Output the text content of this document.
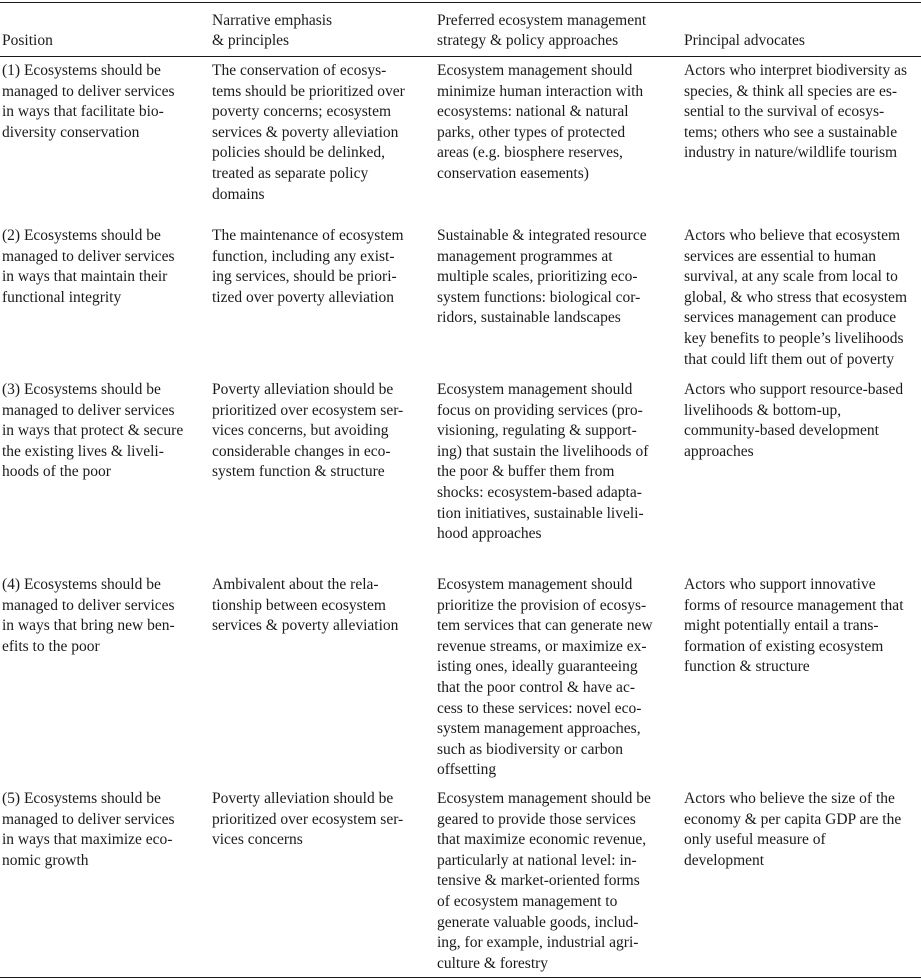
Position
Narrative emphasis
& principles
Preferred ecosystem management
strategy & policy approaches	Principal advocates
(1) Ecosystems should be
managed to deliver services
in ways that facilitate bio-
diversity conservation
The conservation of ecosys-
tems should be prioritized over
poverty concerns; ecosystem
services & poverty alleviation
policies should be delinked,
treated as separate policy
domains
Ecosystem management should
minimize human interaction with
ecosystems: national & natural
parks, other types of protected
areas (e.g. biosphere reserves,
conservation easements)
Actors who interpret biodiversity as
species, & think all species are es-
sential to the survival of ecosys-
tems; others who see a sustainable
industry in nature/wildlife tourism
(2) Ecosystems should be
managed to deliver services
in ways that maintain their
functional integrity
The maintenance of ecosystem
function, including any exist-
ing services, should be priori-
tized over poverty alleviation
Sustainable & integrated resource
management programmes at
multiple scales, prioritizing eco-
system functions: biological cor-
ridors, sustainable landscapes
Actors who believe that ecosystem
services are essential to human
survival, at any scale from local to
global, & who stress that ecosystem
services management can produce
key benefits to people’s livelihoods
that could lift them out of poverty
(3) Ecosystems should be
managed to deliver services
in ways that protect & secure
the existing lives & liveli-
hoods of the poor
Poverty alleviation should be
prioritized over ecosystem ser-
vices concerns, but avoiding
considerable changes in eco-
system function & structure
Ecosystem management should
focus on providing services (pro-
visioning, regulating & support-
ing) that sustain the livelihoods of
the poor & buffer them from
shocks: ecosystem-based adapta-
tion initiatives, sustainable liveli-
hood approaches
Actors who support resource-based
livelihoods & bottom-up,
community-based development
approaches
(4) Ecosystems should be
managed to deliver services
in ways that bring new ben-
efits to the poor
Ambivalent about the rela-
tionship between ecosystem
services & poverty alleviation
Ecosystem management should
prioritize the provision of ecosys-
tem services that can generate new
revenue streams, or maximize ex-
isting ones, ideally guaranteeing
that the poor control & have ac-
cess to these services: novel eco-
system management approaches,
such as biodiversity or carbon
offsetting
Actors who support innovative
forms of resource management that
might potentially entail a trans-
formation of existing ecosystem
function & structure
(5) Ecosystems should be
managed to deliver services
in ways that maximize eco-
nomic growth
Poverty alleviation should be
prioritized over ecosystem ser-
vices concerns
Ecosystem management should be
geared to provide those services
that maximize economic revenue,
particularly at national level: in-
tensive & market-oriented forms
of ecosystem management to
generate valuable goods, includ-
ing, for example, industrial agri-
culture & forestry
Actors who believe the size of the
economy & per capita GDP are the
only useful measure of
development
